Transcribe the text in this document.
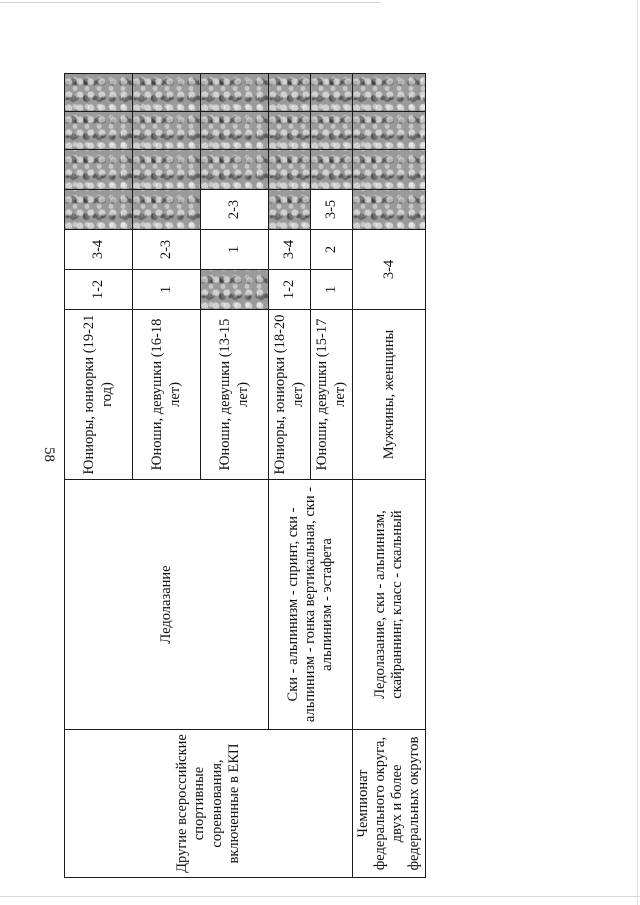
58
Другие всероссийские спортивные соревнования, включенные в ЕКП	Ледолазание	Юниоры, юниорки (19-21 год)	1-2	3-4				
		Юноши, девушки (16-18 лет)	1	2-3				
		Юноши, девушки (13-15 лет)		1	2-3			
	Ски - альпинизм - спринт, ски - альпинизм - гонка вертикальная, ски - альпинизм - эстафета	Юниоры, юниорки (18-20 лет)	1-2	3-4				
		Юноши, девушки (15-17 лет)	1	2	3-5			
Чемпионат федерального округа, двух и более федеральных округов	Ледолазание, ски - альпинизм, скайраннинг, класс - скальный	Мужчины, женщины	3-4					
